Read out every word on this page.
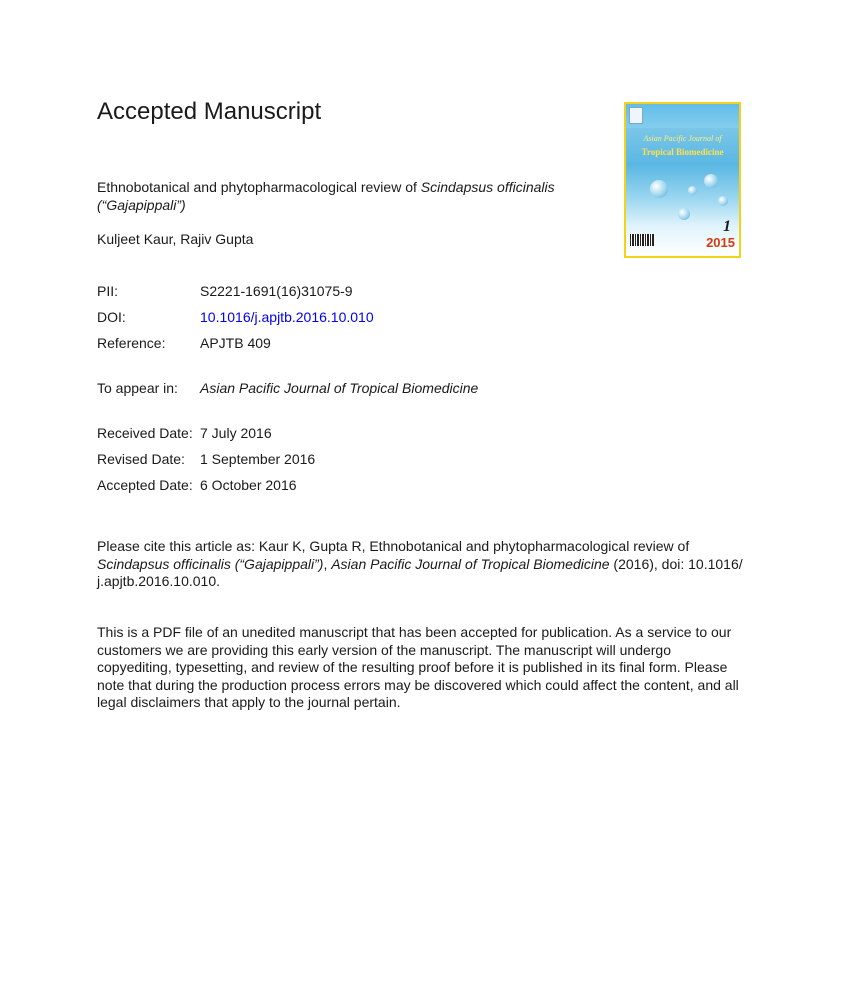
Accepted Manuscript
Ethnobotanical and phytopharmacological review of Scindapsus officinalis (“Gajapippali”)
Kuljeet Kaur, Rajiv Gupta
PII:	S2221-1691(16)31075-9
DOI:	10.1016/j.apjtb.2016.10.010
Reference: APJTB 409
To appear in: Asian Pacific Journal of Tropical Biomedicine
Received Date: 7 July 2016
Revised Date: 1 September 2016
Accepted Date: 6 October 2016
Please cite this article as: Kaur K, Gupta R, Ethnobotanical and phytopharmacological review of Scindapsus officinalis (“Gajapippali”), Asian Pacific Journal of Tropical Biomedicine (2016), doi: 10.1016/ j.apjtb.2016.10.010.
This is a PDF file of an unedited manuscript that has been accepted for publication. As a service to our customers we are providing this early version of the manuscript. The manuscript will undergo copyediting, typesetting, and review of the resulting proof before it is published in its final form. Please note that during the production process errors may be discovered which could affect the content, and all legal disclaimers that apply to the journal pertain.
Asian Pacific Journal of
Tropical Biomedicine
1
2015
